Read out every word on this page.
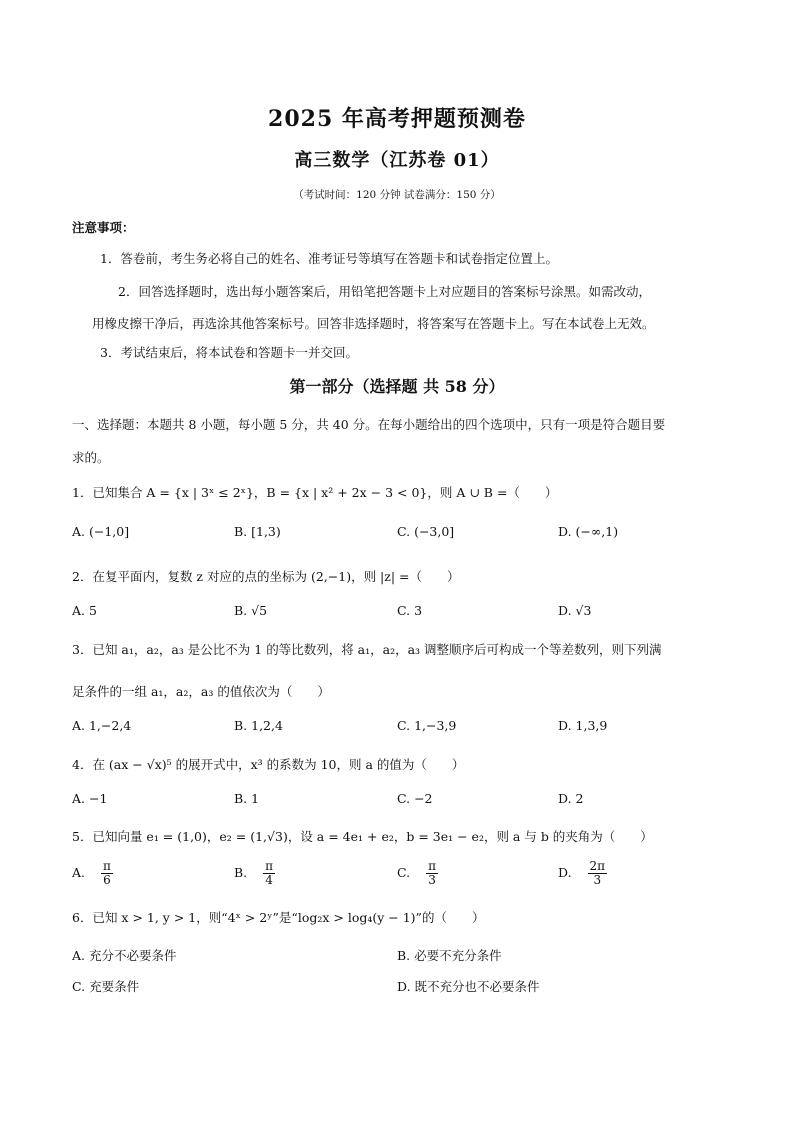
2025 年高考押题预测卷
高三数学（江苏卷 01）
（考试时间：120 分钟 试卷满分：150 分）
注意事项：
1．答卷前，考生务必将自己的姓名、准考证号等填写在答题卡和试卷指定位置上。
2．回答选择题时，选出每小题答案后，用铅笔把答题卡上对应题目的答案标号涂黑。如需改动，
用橡皮擦干净后，再选涂其他答案标号。回答非选择题时，将答案写在答题卡上。写在本试卷上无效。
3．考试结束后，将本试卷和答题卡一并交回。
第一部分（选择题 共 58 分）
一、选择题：本题共 8 小题，每小题 5 分，共 40 分。在每小题给出的四个选项中，只有一项是符合题目要
求的。
1．已知集合 A = {x | 3ˣ ≤ 2ˣ}，B = {x | x² + 2x − 3 < 0}，则 A ∪ B =（　　）
A. (−1,0]	B. [1,3)	C. (−3,0]	D. (−∞,1)
2．在复平面内，复数 z 对应的点的坐标为 (2,−1)，则 |z| =（　　）
A. 5	B. √5	C. 3	D. √3
3．已知 a₁，a₂，a₃ 是公比不为 1 的等比数列，将 a₁，a₂，a₃ 调整顺序后可构成一个等差数列，则下列满
足条件的一组 a₁，a₂，a₃ 的值依次为（　　）
A. 1,−2,4	B. 1,2,4	C. 1,−3,9	D. 1,3,9
4．在 (ax − √x)⁵ 的展开式中，x³ 的系数为 10，则 a 的值为（　　）
A. −1	B. 1	C. −2	D. 2
5．已知向量 e₁ = (1,0)，e₂ = (1,√3)，设 a = 4e₁ + e₂，b = 3e₁ − e₂，则 a 与 b 的夹角为（　　）
A. $\frac{\pi}{6}$	B. $\frac{\pi}{4}$	C. $\frac{\pi}{3}$	D. $\frac{2\pi}{3}$
6．已知 x > 1, y > 1，则“4ˣ > 2ʸ”是“log₂x > log₄(y − 1)”的（　　）
A. 充分不必要条件	B. 必要不充分条件
C. 充要条件	D. 既不充分也不必要条件
